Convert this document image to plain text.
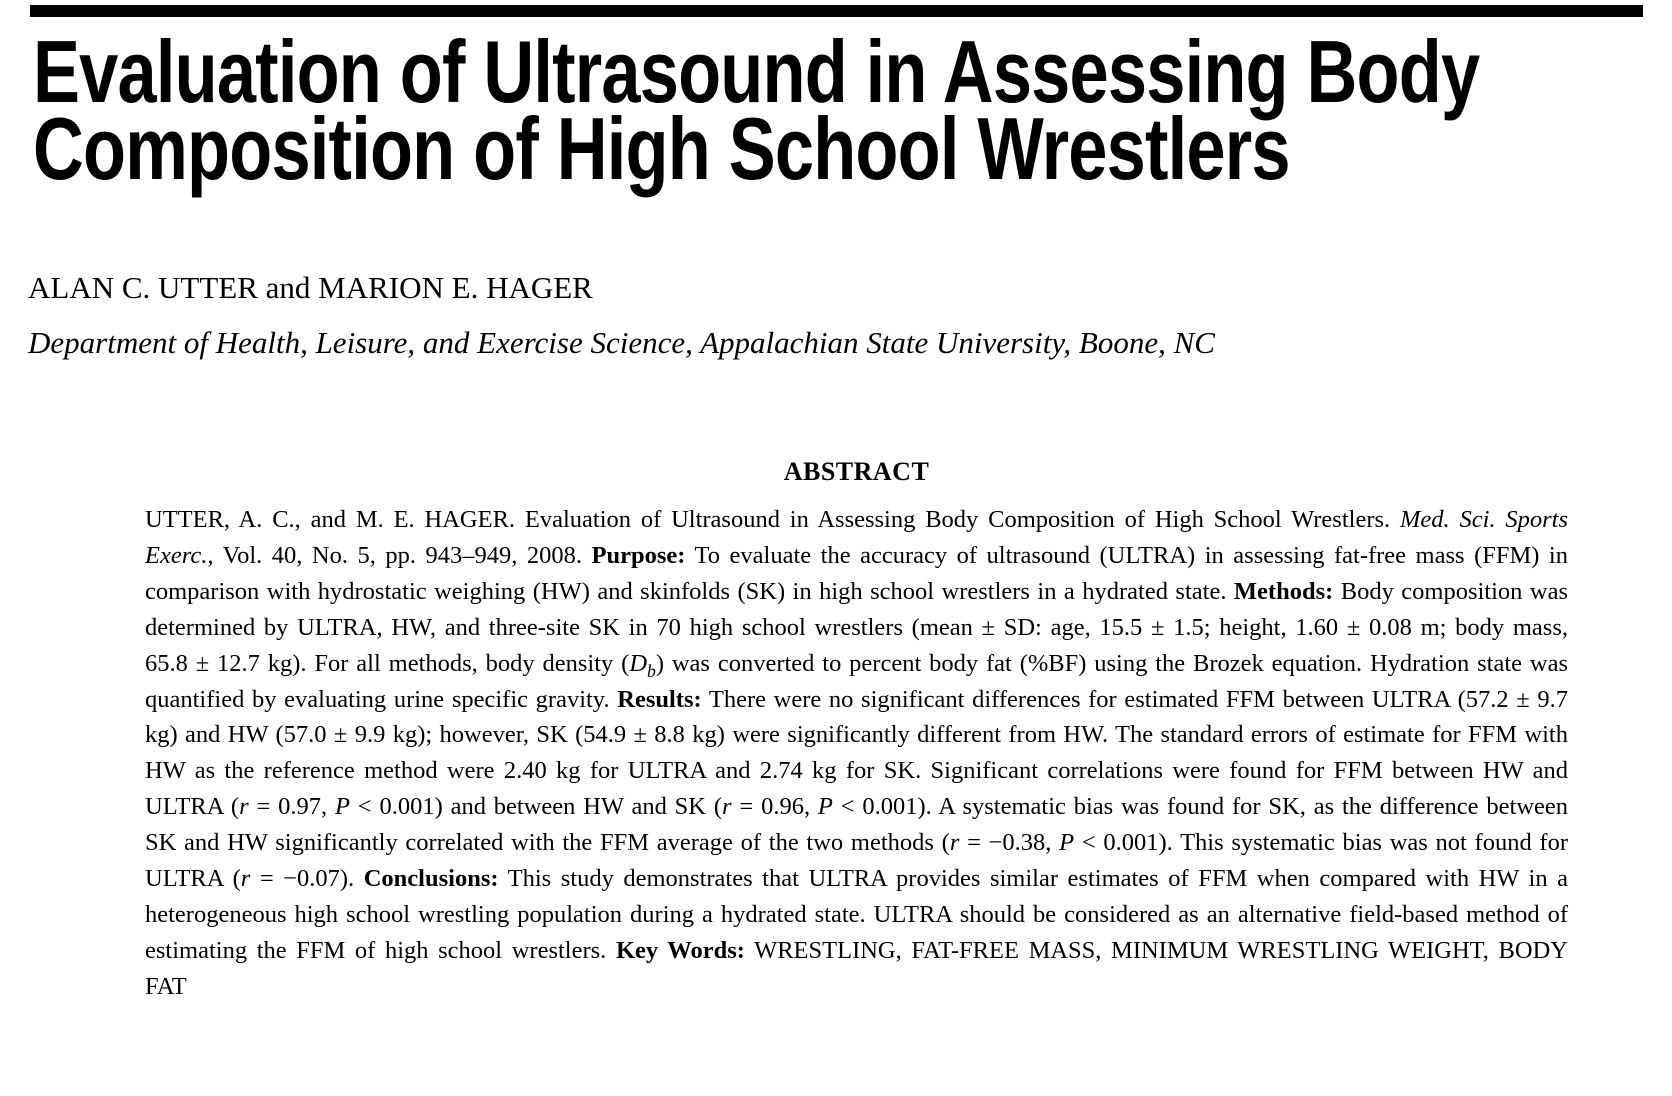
Evaluation of Ultrasound in Assessing Body
Composition of High School Wrestlers
ALAN C. UTTER and MARION E. HAGER
Department of Health, Leisure, and Exercise Science, Appalachian State University, Boone, NC
ABSTRACT

UTTER, A. C., and M. E. HAGER. Evaluation of Ultrasound in Assessing Body Composition of High School Wrestlers. Med. Sci. Sports Exerc., Vol. 40, No. 5, pp. 943–949, 2008. Purpose: To evaluate the accuracy of ultrasound (ULTRA) in assessing fat-free mass (FFM) in comparison with hydrostatic weighing (HW) and skinfolds (SK) in high school wrestlers in a hydrated state. Methods: Body composition was determined by ULTRA, HW, and three-site SK in 70 high school wrestlers (mean ± SD: age, 15.5 ± 1.5; height, 1.60 ± 0.08 m; body mass, 65.8 ± 12.7 kg). For all methods, body density $(D_b)$ was converted to percent body fat (%BF) using the Brozek equation. Hydration state was quantified by evaluating urine specific gravity. Results: There were no significant differences for estimated FFM between ULTRA (57.2 ± 9.7 kg) and HW (57.0 ± 9.9 kg); however, SK (54.9 ± 8.8 kg) were significantly different from HW. The standard errors of estimate for FFM with HW as the reference method were 2.40 kg for ULTRA and 2.74 kg for SK. Significant correlations were found for FFM between HW and ULTRA (r = 0.97, P < 0.001) and between HW and SK (r = 0.96, P < 0.001). A systematic bias was found for SK, as the difference between SK and HW significantly correlated with the FFM average of the two methods (r = −0.38, P < 0.001). This systematic bias was not found for ULTRA (r = −0.07). Conclusions: This study demonstrates that ULTRA provides similar estimates of FFM when compared with HW in a heterogeneous high school wrestling population during a hydrated state. ULTRA should be considered as an alternative field-based method of estimating the FFM of high school wrestlers. Key Words: WRESTLING, FAT-FREE MASS, MINIMUM WRESTLING WEIGHT, BODY FAT
